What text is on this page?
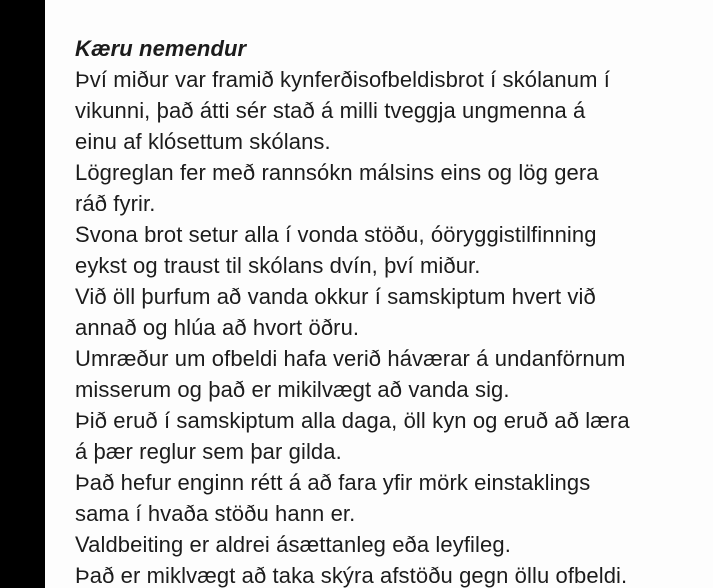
Kæru nemendur

Því miður var framið kynferðisofbeldisbrot í skólanum í

vikunni, það átti sér stað á milli tveggja ungmenna á

einu af klósettum skólans.

Lögreglan fer með rannsókn málsins eins og lög gera

ráð fyrir.

Svona brot setur alla í vonda stöðu, óöryggistilfinning

eykst og traust til skólans dvín, því miður.

Við öll þurfum að vanda okkur í samskiptum hvert við

annað og hlúa að hvort öðru.

Umræður um ofbeldi hafa verið háværar á undanförnum

misserum og það er mikilvægt að vanda sig.

Þið eruð í samskiptum alla daga, öll kyn og eruð að læra

á þær reglur sem þar gilda.

Það hefur enginn rétt á að fara yfir mörk einstaklings

sama í hvaða stöðu hann er.

Valdbeiting er aldrei ásættanleg eða leyfileg.

Það er miklvægt að taka skýra afstöðu gegn öllu ofbeldi.
